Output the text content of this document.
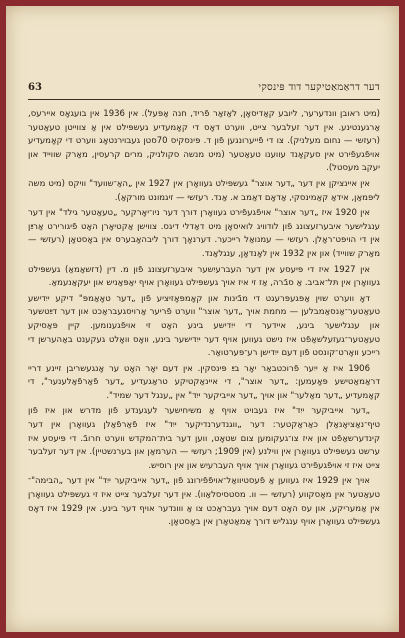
63	דער דראַמאַטיקער דוד פּינסקי

(מיט ראובן וונדערער, ליובע קאַדיסאָן, לאַזאַר פֿריד, חנה אַפּעל). אין 1936 אין בועגאָס איירעס, אַרגענטינע. אין דער זעלבער צייט, ווערט דאָס די קאָמעדיע געשפּילט אין אַ צווייטן טעאַטער (רעזשי — נחום מעלניק). צו די פֿייערונגען פֿון ד. פּינסקיס 70סטן געבוירנטאָג ווערט די קאָמעדיע אויפֿגעפֿירט אין סעקאָנד עווענו טעאַטער (מיט מנשה סקולניק, מרים קרעסין, מאַרק שווייד און יעקב מעסטל).

אין איינציקן אין דער „דער אוצר" געשפּילט געוואָרן אין 1927 אין „האַ־שוועד" וויקס (מיט משה ליפּמאַן, אידאַ קאַמינסקי, אַדאָם דאַמב א. אַנד. רעזשי — זיגמונט מורקאַ).

אין 1920 איז „דער אוצר" אויפֿגעפֿירט געוואָרן דורך דער ניו־יאָרקער „טעאַטער גילד" אין דער ענגלישער איבערזעצונג פֿון לודוויג לואיסאָן מיט דאַדלי דיגס. צווישן אַקטיאָרן האָט פֿיגורירט אַרײַן אין די הויפּט־ראָלן. רעזשי — עמנואַל רייכער. דערנאָך דורך ליבהאָבערס אין באָסטאָן (רעזשי — מאַרק שווייד) און אין 1932 אין לאָנדאָן, ענגלאַנד.

אין 1927 איז די פּיעסע אין דער העברעיִשער איבערזעצונג פֿון מ. דין (דזשאַמאַ) געשפּילט געוואָרן אין תּל־אביב. אַ סבֿרה, אַז זי איז אויך געשפּילט געוואָרן אויף יאַפּאַניש און יעקאַנעמאַ.

דאָ ווערט שוין אַפּגעפּרעגט די מבֿינות און קאָמפּאָזיציע פֿון „דער טאָאַמפּ" דיקע ייִדישע טעאַטער־אַנסאַמבלען — מחמת אויך „דער אוצר" ווערט פֿריער אַרויסגעבראַכט און דער דײַטשער און ענגלישער בינע, איידער די ייִדישע בינע האָט זי אויפֿגענומען. קיין פּאַסיקע טעאַטער־געזעלשאַפֿט איז נישט געווען אויף דער ייִדישער בינע, וואָס וואָלט געקענט באַהערשן די רייכע וואָרט־קונסט פֿון דעם ייִדישן רע־פּערטואַר.

1906 איז אַ ייִער פֿרוכטבאַר יאָר בײַ פּינסקין. אין דעם יאָר האָט ער אָנגעשריבן זיינע דריי דראַמאַטישע פּאָעמען: „דער אוצר", די איינאַקטיקע טראַגעדיע „דער פֿאַרפֿאַלענער", די קאָמעדיע „דער מאַלער" און אויך „דער אייביקער ייִד" אין „ענגל דער שמיד".

„דער אייביקער ייִד" איז געבויט אויף אַ משיחישער לעגענדע פֿון מדרש און איז פֿון טיף־נאַציאָנאַלן כאַראַקטער: דער „ווגנדערנדיקער ייִד" איז פֿאַרפֿאַלן געוואָרן אין דער קינדערשאַפֿט און איז צו־געקומען צום שטאָט, ווען דער בית־המקדש ווערט חרובֿ. די פּיעסע איז ערשט געשפּילט געוואָרן אין ווילנע (אין 1909; רעזשי — הערמאַן און בערנשטיין). אין דער זעלבער צייט איז זי אויפֿגעפֿירט געוואָרן אויך אויף העברעיִש און אין רוסיש.

אויך אין 1929 איז געווען אַ פֿעסטיוואַל־אויפֿפֿירונג פֿון „דער אייביקער ייִד" אין דער „הבימה"־טעאַטער אין מאָסקווע (רעזשי — וו. מסטסיסלאַוו). אין דער זעלבער צייט איז זי געשפּילט געוואָרן אין אַמעריקע, און עס האָט דעם אויך געבראַכט צו אַ ווונדער אויף דער בינע. אין 1929 איז דאָס געשפּילט געוואָרן אויף ענגליש דורך אַמאַטאָרן אין באָסטאָן.
